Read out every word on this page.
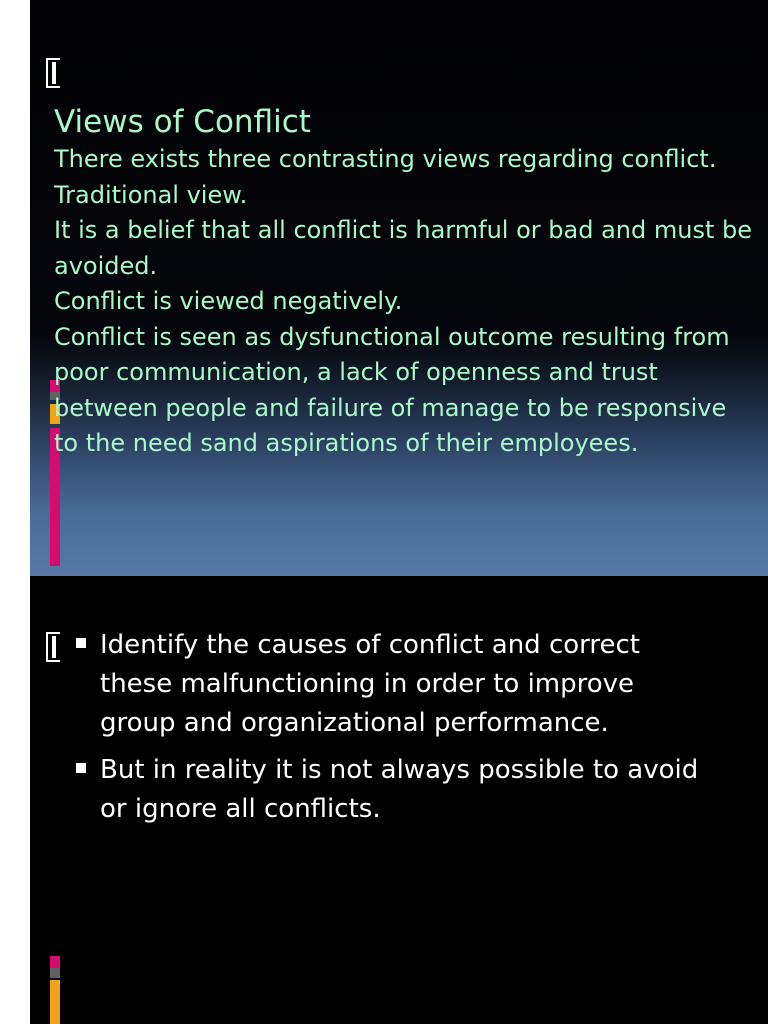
Views of Conflict

There exists three contrasting views regarding conflict.

Traditional view.

It is a belief that all conflict is harmful or bad and must be avoided.

Conflict is viewed negatively.

Conflict is seen as dysfunctional outcome resulting from poor communication, a lack of openness and trust between people and failure of manage to be responsive to the need sand aspirations of their employees.

Identify the causes of conflict and correct these malfunctioning in order to improve group and organizational performance.
But in reality it is not always possible to avoid or ignore all conflicts.
